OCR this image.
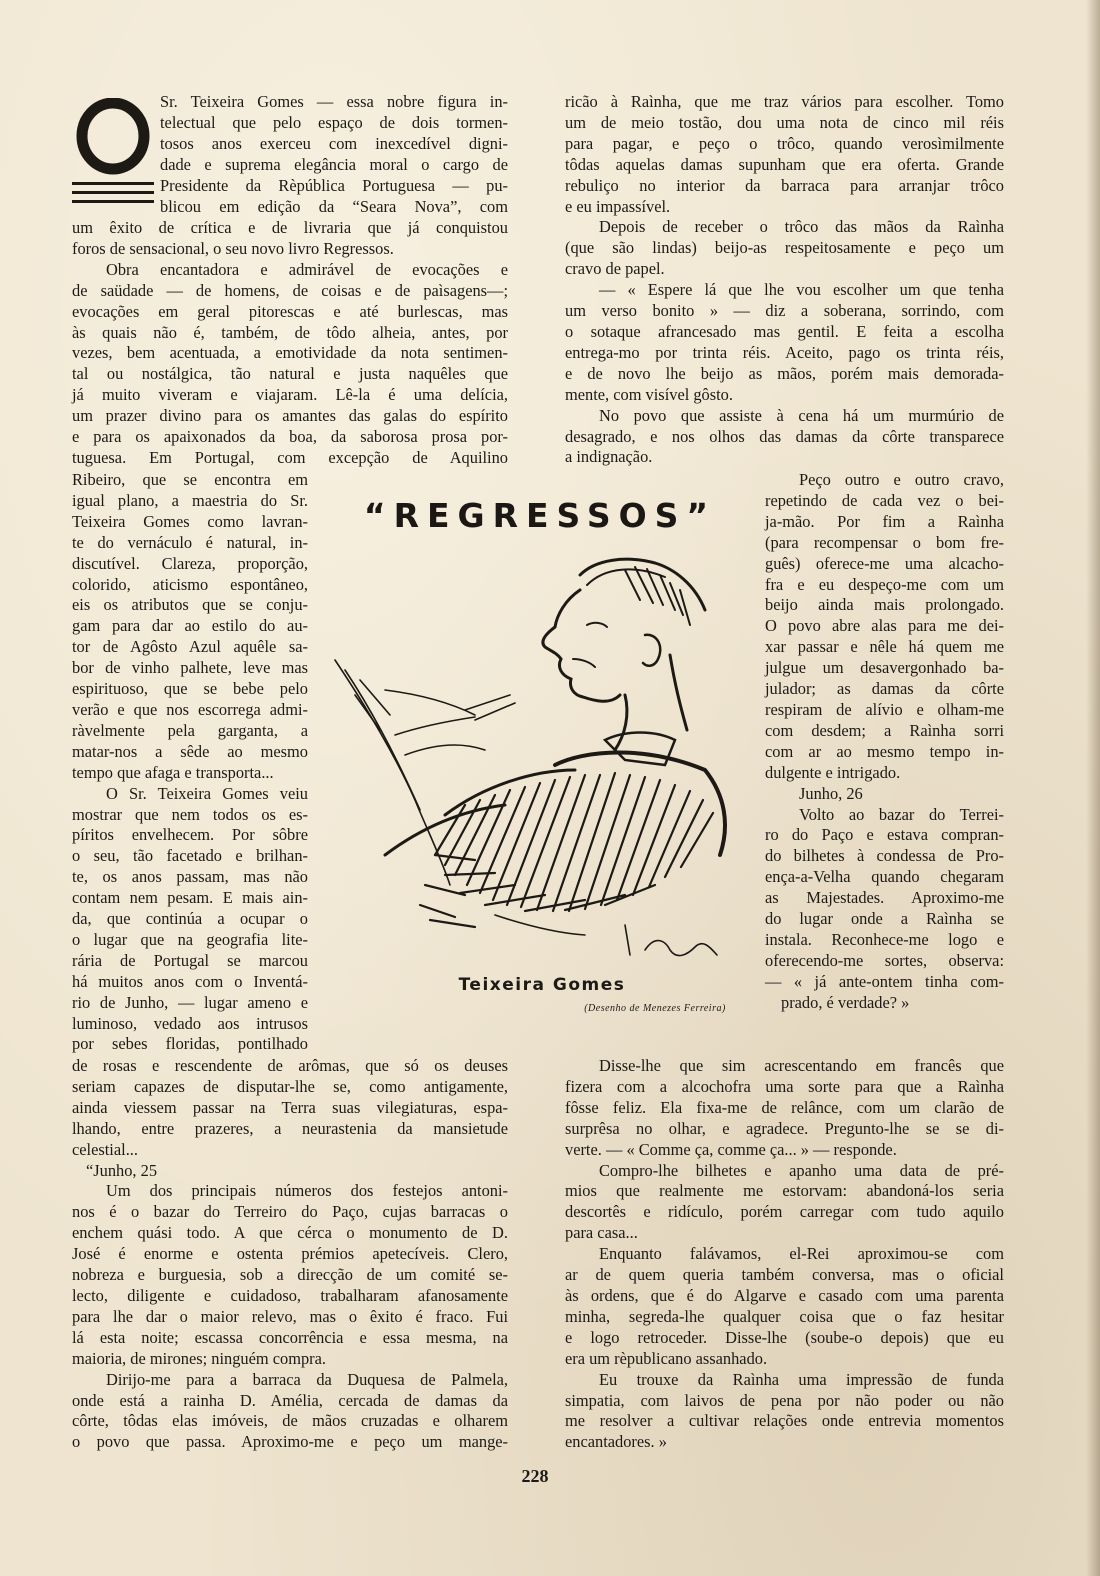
Sr. Teixeira Gomes — essa nobre figura in-

telectual que pelo espaço de dois tormen-

tosos anos exerceu com inexcedível digni-

dade e suprema elegância moral o cargo de

Presidente da Rèpública Portuguesa — pu-

blicou em edição da “Seara Nova”, com

um êxito de crítica e de livraria que já conquistou

foros de sensacional, o seu novo livro Regressos.

Obra encantadora e admirável de evocações e

de saüdade — de homens, de coisas e de paìsagens—;

evocações em geral pitorescas e até burlescas, mas

às quais não é, também, de tôdo alheia, antes, por

vezes, bem acentuada, a emotividade da nota sentimen-

tal ou nostálgica, tão natural e justa naquêles que

já muito viveram e viajaram. Lê-la é uma delícia,

um prazer divino para os amantes das galas do espírito

e para os apaixonados da boa, da saborosa prosa por-

tuguesa. Em Portugal, com excepção de Aquilino

Ribeiro, que se encontra em

igual plano, a maestria do Sr.

Teixeira Gomes como lavran-

te do vernáculo é natural, in-

discutível. Clareza, proporção,

colorido, aticismo espontâneo,

eis os atributos que se conju-

gam para dar ao estilo do au-

tor de Agôsto Azul aquêle sa-

bor de vinho palhete, leve mas

espirituoso, que se bebe pelo

verão e que nos escorrega admi-

ràvelmente pela garganta, a

matar-nos a sêde ao mesmo

tempo que afaga e transporta...

O Sr. Teixeira Gomes veiu

mostrar que nem todos os es-

píritos envelhecem. Por sôbre

o seu, tão facetado e brilhan-

te, os anos passam, mas não

contam nem pesam. E mais ain-

da, que continúa a ocupar o

o lugar que na geografia lite-

rária de Portugal se marcou

há muitos anos com o Inventá-

rio de Junho, — lugar ameno e

luminoso, vedado aos intrusos

por sebes floridas, pontilhado

de rosas e rescendente de arômas, que só os deuses

seriam capazes de disputar-lhe se, como antigamente,

ainda viessem passar na Terra suas vilegiaturas, espa-

lhando, entre prazeres, a neurastenia da mansietude

celestial...

“Junho, 25

Um dos principais números dos festejos antoni-

nos é o bazar do Terreiro do Paço, cujas barracas o

enchem quási todo. A que cérca o monumento de D.

José é enorme e ostenta prémios apetecíveis. Clero,

nobreza e burguesia, sob a direcção de um comité se-

lecto, diligente e cuidadoso, trabalharam afanosamente

para lhe dar o maior relevo, mas o êxito é fraco. Fui

lá esta noite; escassa concorrência e essa mesma, na

maioria, de mirones; ninguém compra.

Dirijo-me para a barraca da Duquesa de Palmela,

onde está a rainha D. Amélia, cercada de damas da

côrte, tôdas elas imóveis, de mãos cruzadas e olharem

o povo que passa. Aproximo-me e peço um mange-

ricão à Raìnha, que me traz vários para escolher. Tomo

um de meio tostão, dou uma nota de cinco mil réis

para pagar, e peço o trôco, quando verosìmilmente

tôdas aquelas damas supunham que era oferta. Grande

rebuliço no interior da barraca para arranjar trôco

e eu impassível.

Depois de receber o trôco das mãos da Raìnha

(que são lindas) beijo-as respeitosamente e peço um

cravo de papel.

— « Espere lá que lhe vou escolher um que tenha

um verso bonito » — diz a soberana, sorrindo, com

o sotaque afrancesado mas gentil. E feita a escolha

entrega-mo por trinta réis. Aceito, pago os trinta réis,

e de novo lhe beijo as mãos, porém mais demorada-

mente, com visível gôsto.

No povo que assiste à cena há um murmúrio de

desagrado, e nos olhos das damas da côrte transparece

a indignação.

Peço outro e outro cravo,

repetindo de cada vez o bei-

ja-mão. Por fim a Raìnha

(para recompensar o bom fre-

guês) oferece-me uma alcacho-

fra e eu despeço-me com um

beijo ainda mais prolongado.

O povo abre alas para me dei-

xar passar e nêle há quem me

julgue um desavergonhado ba-

julador; as damas da côrte

respiram de alívio e olham-me

com desdem; a Raìnha sorri

com ar ao mesmo tempo in-

dulgente e intrigado.

Junho, 26

Volto ao bazar do Terrei-

ro do Paço e estava compran-

do bilhetes à condessa de Pro-

ença-a-Velha quando chegaram

as Majestades. Aproximo-me

do lugar onde a Raìnha se

instala. Reconhece-me logo e

oferecendo-me sortes, observa:

— « já ante-ontem tinha com-

prado, é verdade? »

Disse-lhe que sim acrescentando em francês que

fizera com a alcochofra uma sorte para que a Raìnha

fôsse feliz. Ela fixa-me de relânce, com um clarão de

surprêsa no olhar, e agradece. Pregunto-lhe se se di-

verte. — « Comme ça, comme ça... » — responde.

Compro-lhe bilhetes e apanho uma data de pré-

mios que realmente me estorvam: abandoná-los seria

descortês e ridículo, porém carregar com tudo aquilo

para casa...

Enquanto falávamos, el-Rei aproximou-se com

ar de quem queria também conversa, mas o oficial

às ordens, que é do Algarve e casado com uma parenta

minha, segreda-lhe qualquer coisa que o faz hesitar

e logo retroceder. Disse-lhe (soube-o depois) que eu

era um rèpublicano assanhado.

Eu trouxe da Raìnha uma impressão de funda

simpatia, com laivos de pena por não poder ou não

me resolver a cultivar relações onde entrevia momentos

encantadores. »

“REGRESSOS”
Teixeira Gomes
(Desenho de Menezes Ferreira)
228
